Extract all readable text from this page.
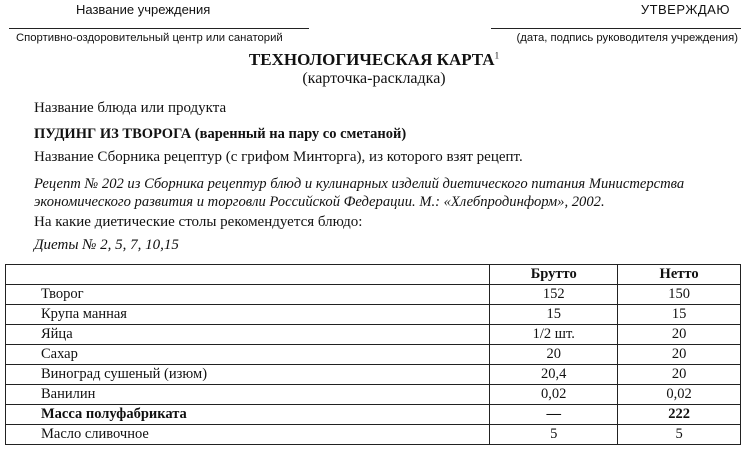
Название учреждения	УТВЕРЖДАЮ
Спортивно-оздоровительный центр или санаторий	(дата, подпись руководителя учреждения)
ТЕХНОЛОГИЧЕСКАЯ КАРТА$^1$
(карточка-раскладка)
Название блюда или продукта
ПУДИНГ ИЗ ТВОРОГА (варенный на пару со сметаной)
Название Сборника рецептур (с грифом Минторга), из которого взят рецепт.
Рецепт № 202 из Сборника рецептур блюд и кулинарных изделий диетического питания Министерства экономического развития и торговли Российской Федерации. М.: «Хлебпродинформ», 2002.
На какие диетические столы рекомендуется блюдо:
Диеты № 2, 5, 7, 10,15
	Брутто	Нетто
Творог	152	150
Крупа манная	15	15
Яйца	1/2 шт.	20
Сахар	20	20
Виноград сушеный (изюм)	20,4	20
Ванилин	0,02	0,02
Масса полуфабриката	—	222
Масло сливочное	5	5
